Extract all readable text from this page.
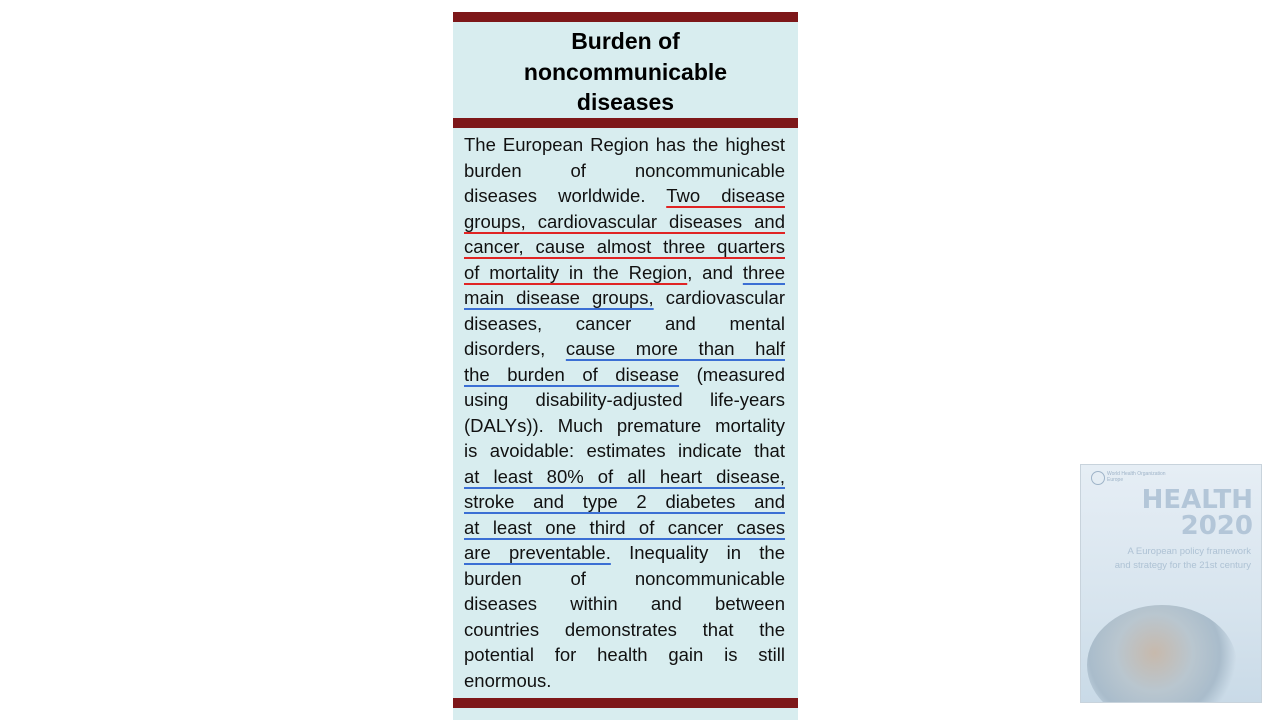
Burden of
noncommunicable
diseases
The European Region has the highest
burden of noncommunicable
diseases worldwide. Two disease
groups, cardiovascular diseases and
cancer, cause almost three quarters
of mortality in the Region, and three
main disease groups, cardiovascular
diseases, cancer and mental
disorders, cause more than half
the burden of disease (measured
using disability-adjusted life-years
(DALYs)). Much premature mortality
is avoidable: estimates indicate that
at least 80% of all heart disease,
stroke and type 2 diabetes and
at least one third of cancer cases
are preventable. Inequality in the
burden of noncommunicable
diseases within and between
countries demonstrates that the
potential for health gain is still
enormous.
World Health Organization Europe
HEALTH
2020
A European policy framework and strategy for the 21st century
